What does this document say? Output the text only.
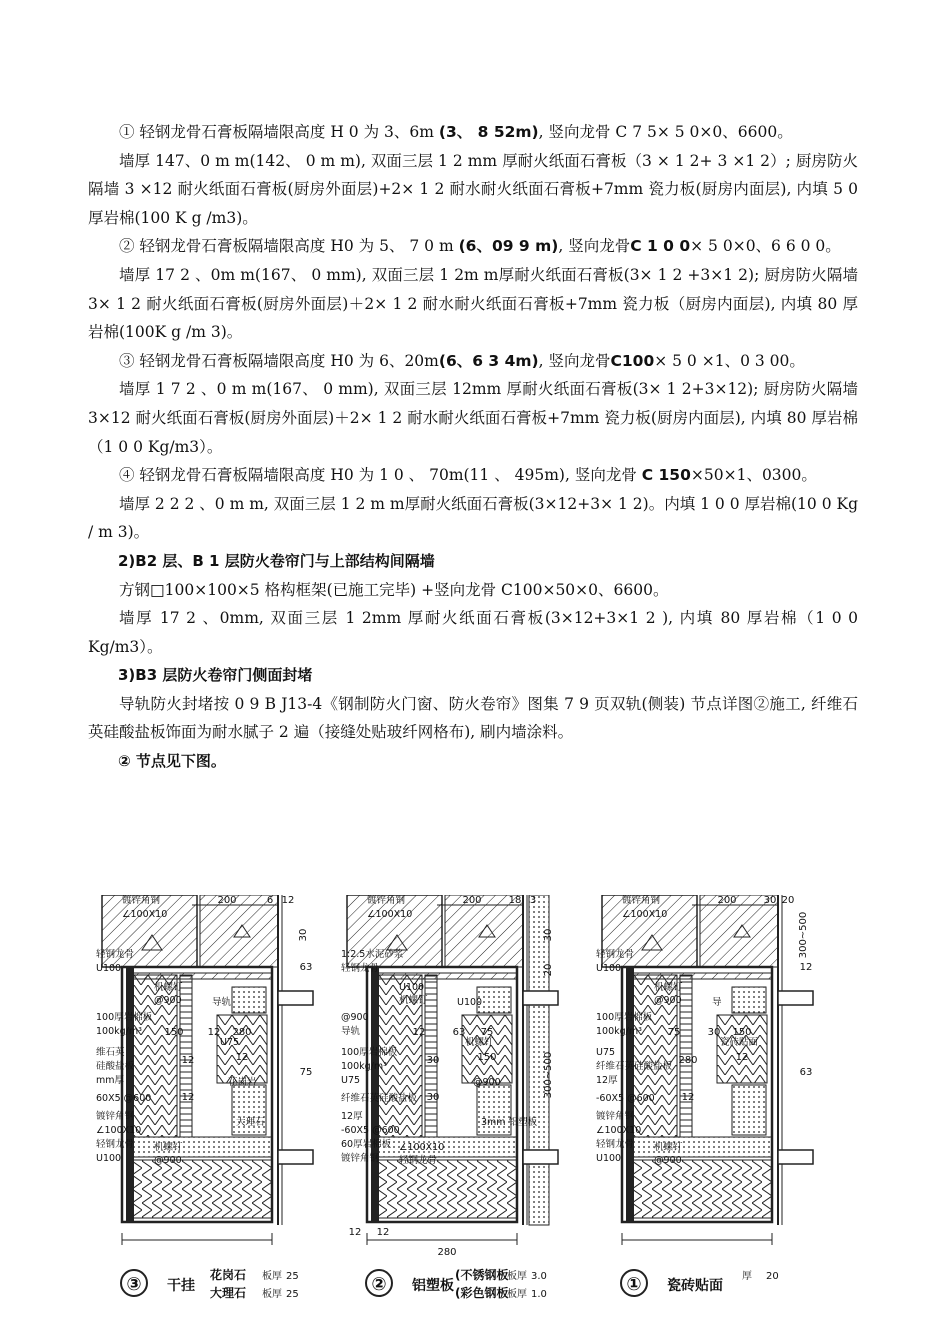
① 轻钢龙骨石膏板隔墙限高度 H 0 为 3、6m (3、 8 52m), 竖向龙骨 C 7 5× 5 0×0、6600。

墙厚 147、0 m m(142、 0 m m), 双面三层 1 2 mm 厚耐火纸面石膏板（3 × 1 2+ 3 ×1 2）; 厨房防火隔墙 3 ×12 耐火纸面石膏板(厨房外面层)+2× 1 2 耐水耐火纸面石膏板+7mm 瓷力板(厨房内面层), 内填 5 0 厚岩棉(100 K g /m3)。

② 轻钢龙骨石膏板隔墙限高度 H0 为 5、 7 0 m (6、09 9 m), 竖向龙骨C 1 0 0× 5 0×0、6 6 0 0。

墙厚 17 2 、0m m(167、 0 mm), 双面三层 1 2m m厚耐火纸面石膏板(3× 1 2 +3×1 2); 厨房防火隔墙 3× 1 2 耐火纸面石膏板(厨房外面层)＋2× 1 2 耐水耐火纸面石膏板+7mm 瓷力板（厨房内面层), 内填 80 厚岩棉(100K g /m 3)。

③ 轻钢龙骨石膏板隔墙限高度 H0 为 6、20m(6、6 3 4m), 竖向龙骨C100× 5 0 ×1、0 3 00。

墙厚 1 7 2 、0 m m(167、 0 mm), 双面三层 12mm 厚耐火纸面石膏板(3× 1 2+3×12); 厨房防火隔墙 3×12 耐火纸面石膏板(厨房外面层)＋2× 1 2 耐水耐火纸面石膏板+7mm 瓷力板(厨房内面层), 内填 80 厚岩棉（1 0 0 Kg/m3）。

④ 轻钢龙骨石膏板隔墙限高度 H0 为 1 0 、 70m(11 、 495m), 竖向龙骨 C 150×50×1、0300。

墙厚 2 2 2 、0 m m, 双面三层 1 2 m m厚耐火纸面石膏板(3×12+3× 1 2)。内填 1 0 0 厚岩棉(10 0 Kg / m 3)。

2)B2 层、B 1 层防火卷帘门与上部结构间隔墙

方钢□100×100×5 格构框架(已施工完毕) +竖向龙骨 C100×50×0、6600。

墙厚 17 2 、0mm, 双面三层 1 2mm 厚耐火纸面石膏板(3×12+3×1 2 ), 内填 80 厚岩棉（1 0 0 Kg/m3）。

3)B3 层防火卷帘门侧面封堵

导轨防火封堵按 0 9 B J13-4《钢制防火门窗、防火卷帘》图集 7 9 页双轨(侧装) 节点详图②施工, 纤维石英硅酸盐板饰面为耐水腻子 2 遍（接缝处贴玻纤网格布), 刷内墙涂料。

② 节点见下图。

镀锌角钢
∠100X10
轻钢龙骨
U100
机螺钉
@900
100厚岩棉板
100kg/m³
维石英
硅酸盐板
mm厚
60X5 @600
镀锌角钢
∠100X10
轻钢龙骨
U100
机螺钉
@900
导轨
U75
花岗岩
大理石
200	6 12
30
63
75
150 12 280
12	12
12
③ 干挂
花岗石
大理石
板厚 25
板厚 25
镀锌角钢
∠100X10
1:2.5水泥砂浆
轻钢龙骨
U100
机螺钉
@900
导轨
100厚岩棉板
100kg/m³
U75
纤维石英硅酸盐板
12厚
-60X5 @600
60厚岩棉板
镀锌角钢
∠100X10
轻钢龙骨
U100
机螺钉
@900
3mm 铝塑板
200	18 3
30
20
300~500
12	63 75
30	150
30
280
12
12
② 铝塑板
(不锈钢板
(彩色钢板
板厚 3.0
板厚 1.0
镀锌角钢
∠100X10
轻钢龙骨
U100
机螺钉
@900
100厚岩棉板
100kg/m³
U75
纤维石英硅酸盐板
12厚
-60X5 @600
镀锌角钢
∠100X10
轻钢龙骨
U100
机螺钉
@900
导
瓷砖贴面
200	30 20
300~500
12
63
75	30 150
280	12
12
① 瓷砖贴面
厚 20
